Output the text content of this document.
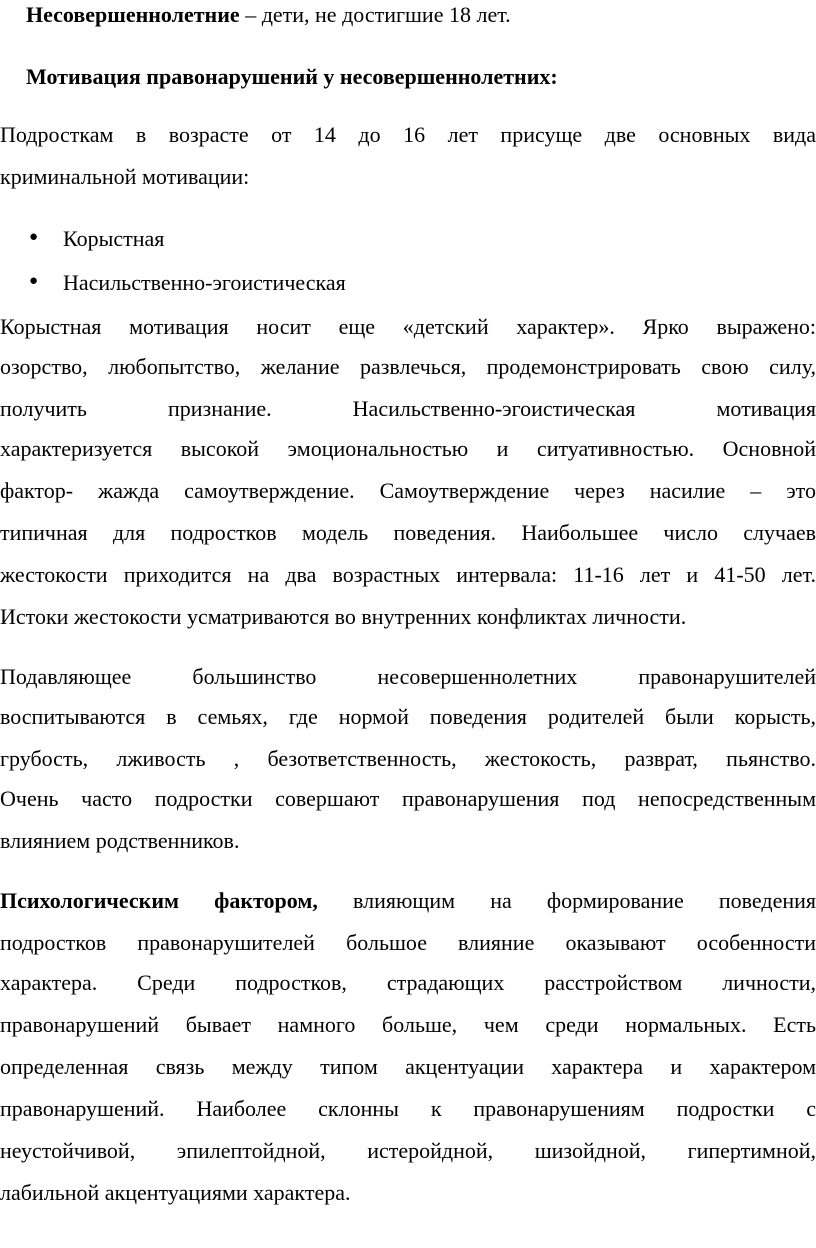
Несовершеннолетние – дети, не достигшие 18 лет.
Мотивация правонарушений у несовершеннолетних:
Подросткам в возрасте от 14 до 16 лет присуще две основных вида
криминальной мотивации:
● Корыстная
● Насильственно-эгоистическая
Корыстная мотивация носит еще «детский характер». Ярко выражено:
озорство, любопытство, желание развлечься, продемонстрировать свою силу,
получить признание. Насильственно-эгоистическая мотивация
характеризуется высокой эмоциональностью и ситуативностью. Основной
фактор- жажда самоутверждение. Самоутверждение через насилие – это
типичная для подростков модель поведения. Наибольшее число случаев
жестокости приходится на два возрастных интервала: 11-16 лет и 41-50 лет.
Истоки жестокости усматриваются во внутренних конфликтах личности.
Подавляющее большинство несовершеннолетних правонарушителей
воспитываются в семьях, где нормой поведения родителей были корысть,
грубость, лживость , безответственность, жестокость, разврат, пьянство.
Очень часто подростки совершают правонарушения под непосредственным
влиянием родственников.
Психологическим фактором, влияющим на формирование поведения
подростков правонарушителей большое влияние оказывают особенности
характера. Среди подростков, страдающих расстройством личности,
правонарушений бывает намного больше, чем среди нормальных. Есть
определенная связь между типом акцентуации характера и характером
правонарушений. Наиболее склонны к правонарушениям подростки с
неустойчивой, эпилептойдной, истеройдной, шизойдной, гипертимной,
лабильной акцентуациями характера.
